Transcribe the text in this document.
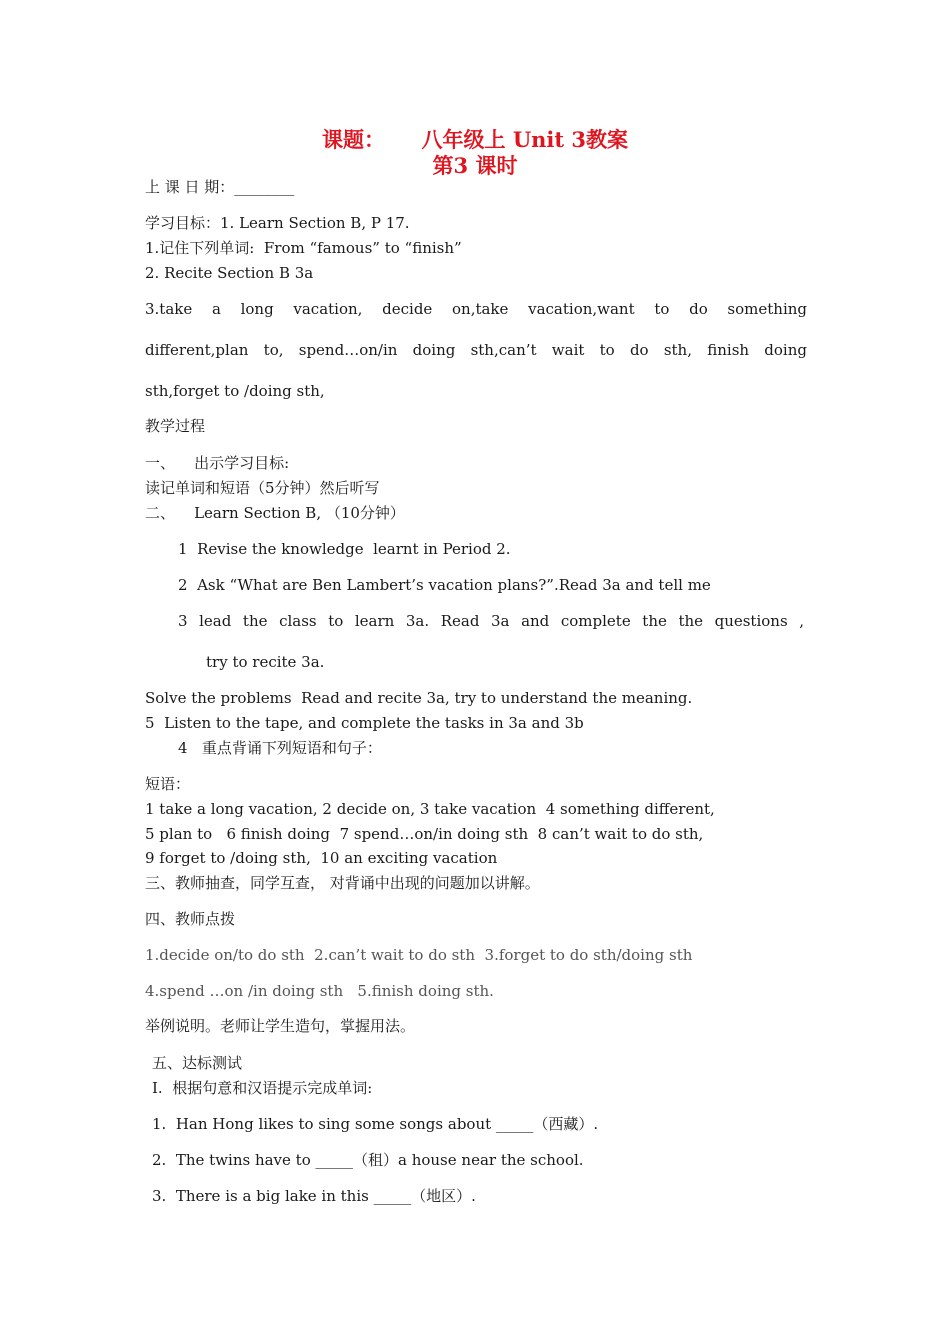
课题：     八年级上 Unit 3教案
第3 课时
上 课 日 期：________
学习目标：1. Learn Section B, P 17.
1.记住下列单词:  From “famous” to “finish”
2. Recite Section B 3a
3.take a long vacation, decide on,take vacation,want to do something
different,plan to, spend…on/in doing sth,can’t wait to do sth, finish doing
sth,forget to /doing sth,
教学过程
一、    出示学习目标:
读记单词和短语（5分钟）然后听写
二、    Learn Section B, （10分钟）
1  Revise the knowledge  learnt in Period 2.
2  Ask “What are Ben Lambert’s vacation plans?”.Read 3a and tell me
3 lead the class to learn 3a. Read 3a and complete the the questions ,
try to recite 3a.
Solve the problems  Read and recite 3a, try to understand the meaning.
5  Listen to the tape, and complete the tasks in 3a and 3b
4   重点背诵下列短语和句子：
短语：
1 take a long vacation, 2 decide on, 3 take vacation  4 something different,
5 plan to   6 finish doing  7 spend…on/in doing sth  8 can’t wait to do sth,
9 forget to /doing sth,  10 an exciting vacation
三、教师抽查，同学互查， 对背诵中出现的问题加以讲解。
四、教师点拨
1.decide on/to do sth  2.can’t wait to do sth  3.forget to do sth/doing sth
4.spend …on /in doing sth   5.finish doing sth.
举例说明。老师让学生造句，掌握用法。
五、达标测试
I.  根据句意和汉语提示完成单词:
1.  Han Hong likes to sing some songs about _____（西藏）.
2.  The twins have to _____（租）a house near the school.
3.  There is a big lake in this _____（地区）.
